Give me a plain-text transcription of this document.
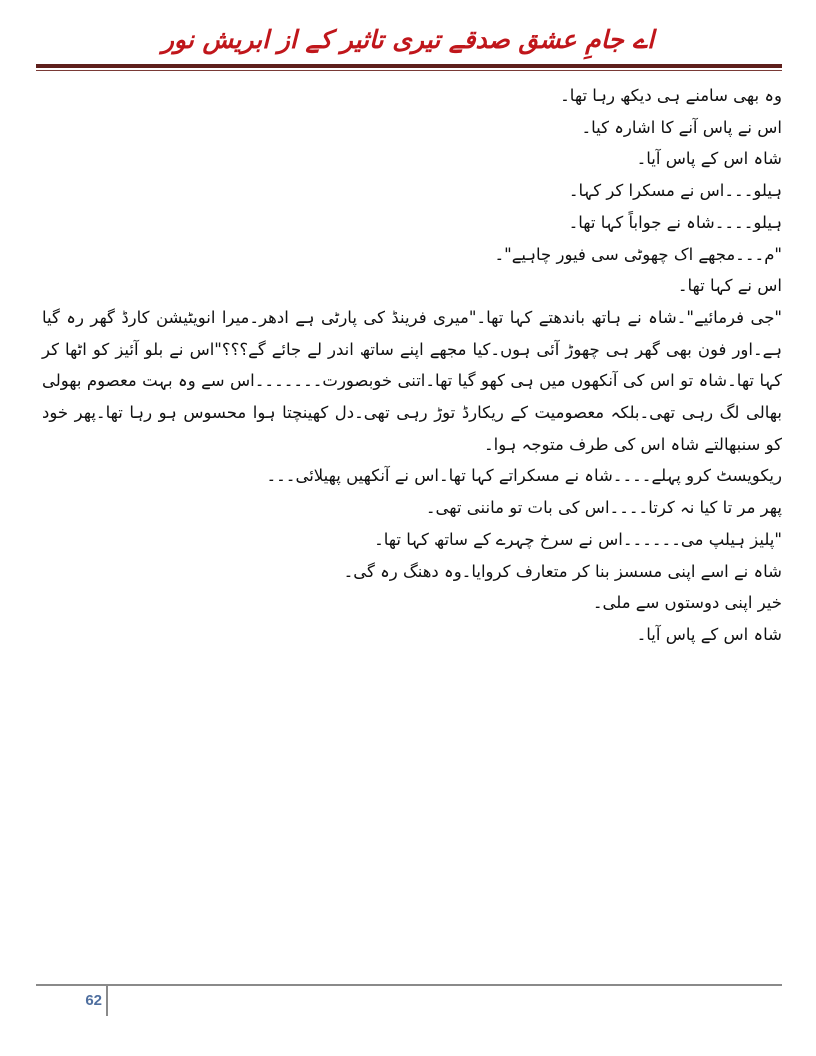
اے جامِ عشق صدقے تیری تاثیر کے از ابریش نور

وہ بھی سامنے ہی دیکھ رہا تھا۔

اس نے پاس آنے کا اشارہ کیا۔

شاہ اس کے پاس آیا۔

ہیلو۔۔۔اس نے مسکرا کر کہا۔

ہیلو۔۔۔۔شاہ نے جواباً کہا تھا۔

"م۔۔۔مجھے اک چھوٹی سی فیور چاہیے"۔

اس نے کہا تھا۔

"جی فرمائیے"۔شاہ نے ہاتھ باندھتے کہا تھا۔"میری فرینڈ کی پارٹی ہے ادھر۔میرا انویٹیشن کارڈ گھر رہ گیا ہے۔اور فون بھی گھر ہی چھوڑ آئی ہوں۔کیا مجھے اپنے ساتھ اندر لے جائے گے؟؟؟"اس نے بلو آئیز کو اٹھا کر کہا تھا۔شاہ تو اس کی آنکھوں میں ہی کھو گیا تھا۔اتنی خوبصورت۔۔۔۔۔۔۔اس سے وہ بہت معصوم بھولی بھالی لگ رہی تھی۔بلکہ معصومیت کے ریکارڈ توڑ رہی تھی۔دل کھینچتا ہوا محسوس ہو رہا تھا۔پھر خود کو سنبھالتے شاہ اس کی طرف متوجہ ہوا۔

ریکویسٹ کرو پہلے۔۔۔۔شاہ نے مسکراتے کہا تھا۔اس نے آنکھیں پھیلائی۔۔۔

پھر مر تا کیا نہ کرتا۔۔۔۔اس کی بات تو ماننی تھی۔

"پلیز ہیلپ می۔۔۔۔۔۔اس نے سرخ چہرے کے ساتھ کہا تھا۔

شاہ نے اسے اپنی مسسز بنا کر متعارف کروایا۔وہ دھنگ رہ گی۔

خیر اپنی دوستوں سے ملی۔

شاہ اس کے پاس آیا۔

62
